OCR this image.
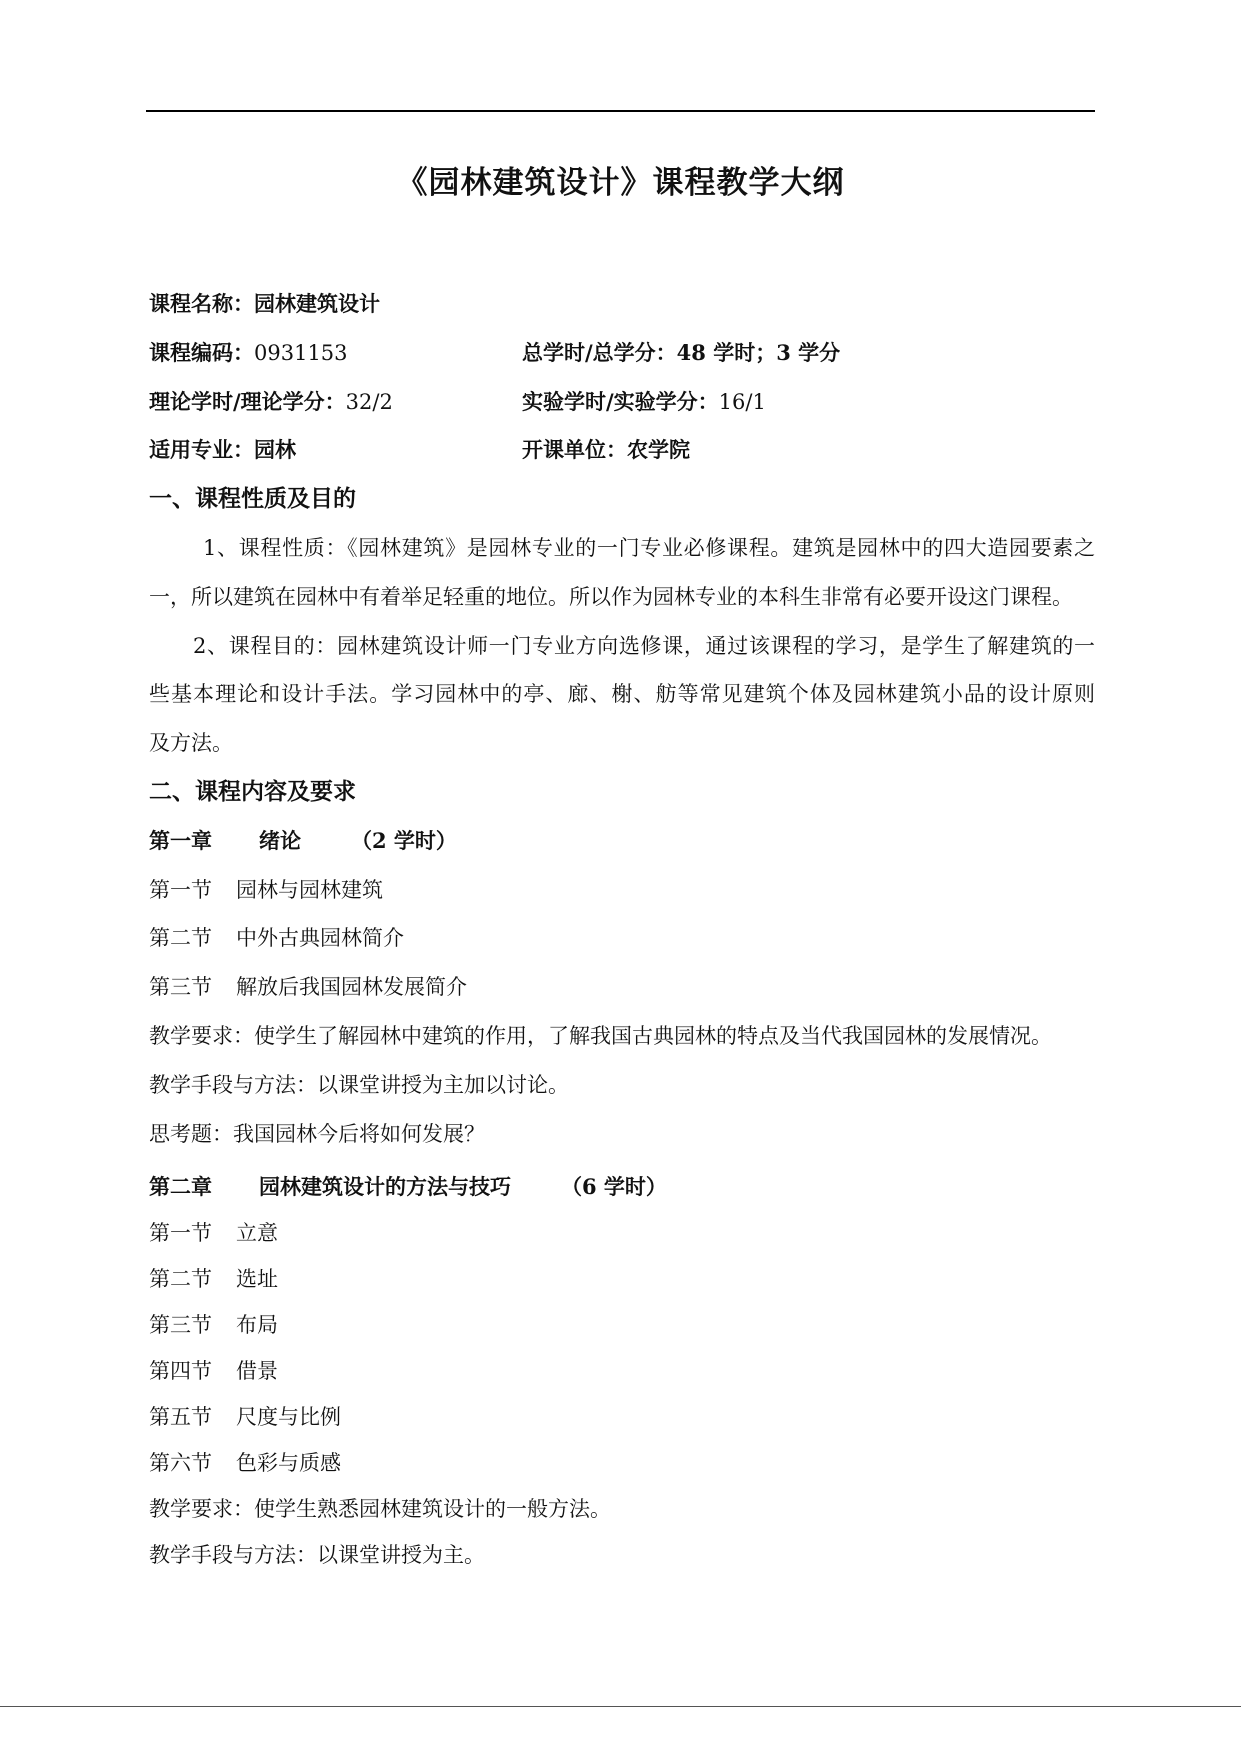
《园林建筑设计》课程教学大纲
课程名称：园林建筑设计
课程编码：0931153	总学时/总学分：48 学时；3 学分
理论学时/理论学分：32/2	实验学时/实验学分：16/1
适用专业：园林	开课单位：农学院
一、课程性质及目的
1、课程性质：《园林建筑》是园林专业的一门专业必修课程。建筑是园林中的四大造园要素之
一，所以建筑在园林中有着举足轻重的地位。所以作为园林专业的本科生非常有必要开设这门课程。
2、课程目的：园林建筑设计师一门专业方向选修课，通过该课程的学习，是学生了解建筑的一
些基本理论和设计手法。学习园林中的亭、廊、榭、舫等常见建筑个体及园林建筑小品的设计原则
及方法。
二、课程内容及要求
第一章 绪论 （2 学时）
第一节 园林与园林建筑
第二节 中外古典园林简介
第三节 解放后我国园林发展简介
教学要求：使学生了解园林中建筑的作用，了解我国古典园林的特点及当代我国园林的发展情况。
教学手段与方法：以课堂讲授为主加以讨论。
思考题：我国园林今后将如何发展？
第二章 园林建筑设计的方法与技巧 （6 学时）
第一节 立意
第二节 选址
第三节 布局
第四节 借景
第五节 尺度与比例
第六节 色彩与质感
教学要求：使学生熟悉园林建筑设计的一般方法。
教学手段与方法：以课堂讲授为主。
